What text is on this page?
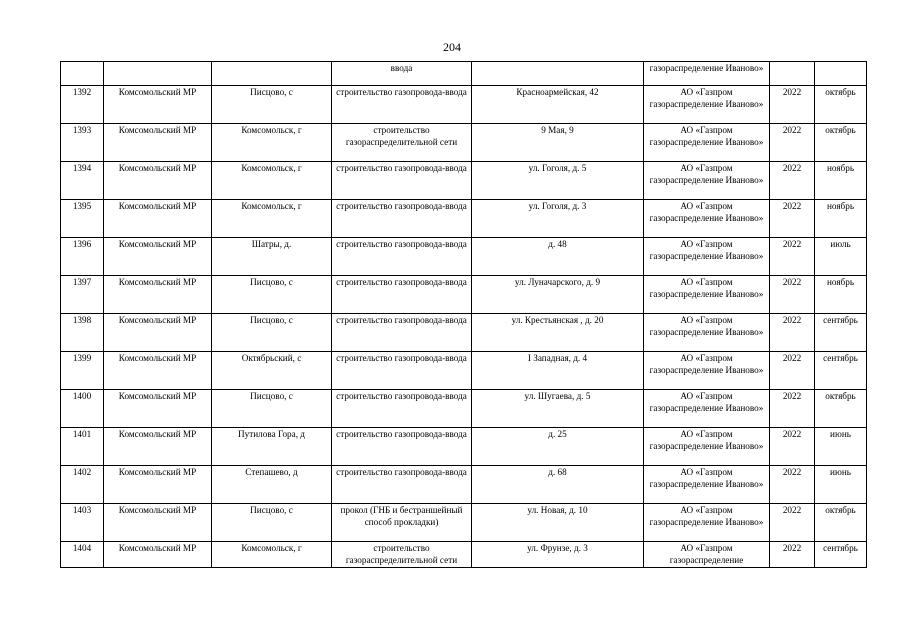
204
			ввода		газораспределение Иваново»		
1392	Комсомольский МР	Писцово, с	строительство газопровода-ввода	Красноармейская, 42	АО «Газпром газораспределение Иваново»	2022	октябрь
1393	Комсомольский МР	Комсомольск, г	строительство газораспределительной сети	9 Мая, 9	АО «Газпром газораспределение Иваново»	2022	октябрь
1394	Комсомольский МР	Комсомольск, г	строительство газопровода-ввода	ул. Гоголя, д. 5	АО «Газпром газораспределение Иваново»	2022	ноябрь
1395	Комсомольский МР	Комсомольск, г	строительство газопровода-ввода	ул. Гоголя, д. 3	АО «Газпром газораспределение Иваново»	2022	ноябрь
1396	Комсомольский МР	Шатры, д.	строительство газопровода-ввода	д. 48	АО «Газпром газораспределение Иваново»	2022	июль
1397	Комсомольский МР	Писцово, с	строительство газопровода-ввода	ул. Луначарского, д. 9	АО «Газпром газораспределение Иваново»	2022	ноябрь
1398	Комсомольский МР	Писцово, с	строительство газопровода-ввода	ул. Крестьянская , д. 20	АО «Газпром газораспределение Иваново»	2022	сентябрь
1399	Комсомольский МР	Октябрьский, с	строительство газопровода-ввода	I Западная, д. 4	АО «Газпром газораспределение Иваново»	2022	сентябрь
1400	Комсомольский МР	Писцово, с	строительство газопровода-ввода	ул. Шугаева, д. 5	АО «Газпром газораспределение Иваново»	2022	октябрь
1401	Комсомольский МР	Путилова Гора, д	строительство газопровода-ввода	д. 25	АО «Газпром газораспределение Иваново»	2022	июнь
1402	Комсомольский МР	Степашево, д	строительство газопровода-ввода	д. 68	АО «Газпром газораспределение Иваново»	2022	июнь
1403	Комсомольский МР	Писцово, с	прокол (ГНБ и бестраншейный способ прокладки)	ул. Новая, д. 10	АО «Газпром газораспределение Иваново»	2022	октябрь
1404	Комсомольский МР	Комсомольск, г	строительство газораспределительной сети	ул. Фрунзе, д. 3	АО «Газпром газораспределение	2022	сентябрь
